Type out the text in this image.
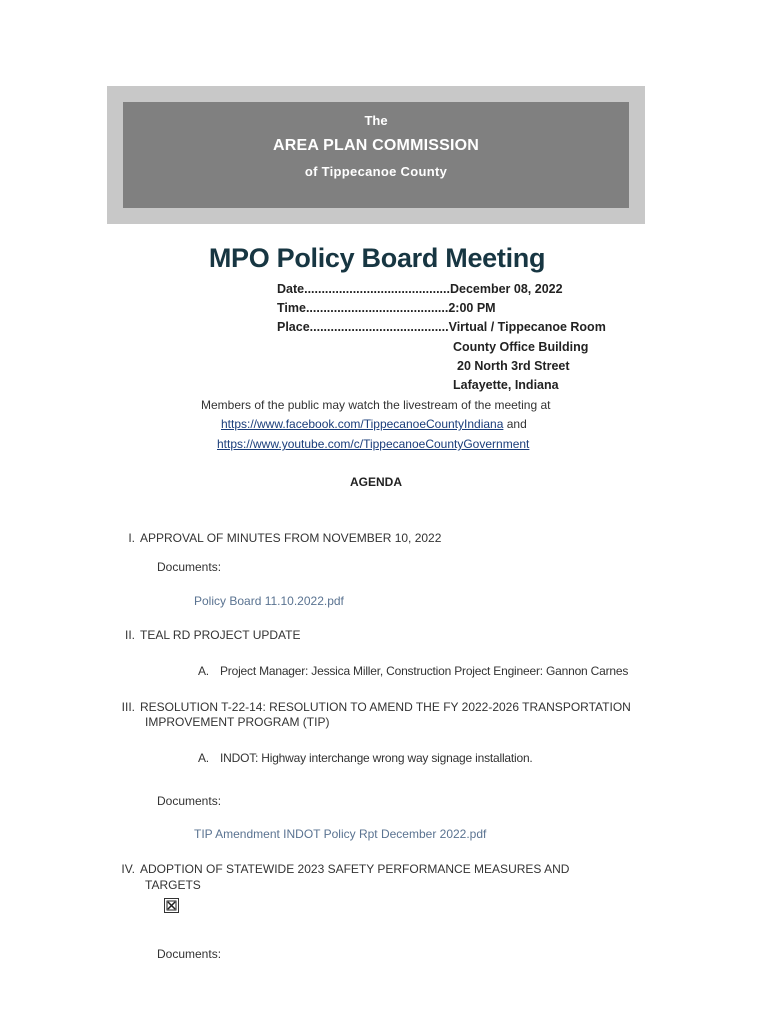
The
AREA PLAN COMMISSION
of Tippecanoe County
MPO Policy Board Meeting
Date..........................................December 08, 2022
Time.........................................2:00 PM
Place........................................Virtual / Tippecanoe Room
County Office Building
20 North 3rd Street
Lafayette, Indiana
Members of the public may watch the livestream of the meeting at
https://www.facebook.com/TippecanoeCountyIndiana and
https://www.youtube.com/c/TippecanoeCountyGovernment
AGENDA
I. APPROVAL OF MINUTES FROM NOVEMBER 10, 2022
Documents:
Policy Board 11.10.2022.pdf
II. TEAL RD PROJECT UPDATE
A. Project Manager: Jessica Miller, Construction Project Engineer: Gannon Carnes
III. RESOLUTION T-22-14: RESOLUTION TO AMEND THE FY 2022-2026 TRANSPORTATION
IMPROVEMENT PROGRAM (TIP)
A. INDOT: Highway interchange wrong way signage installation.
Documents:
TIP Amendment INDOT Policy Rpt December 2022.pdf
IV. ADOPTION OF STATEWIDE 2023 SAFETY PERFORMANCE MEASURES AND
TARGETS
Documents:
